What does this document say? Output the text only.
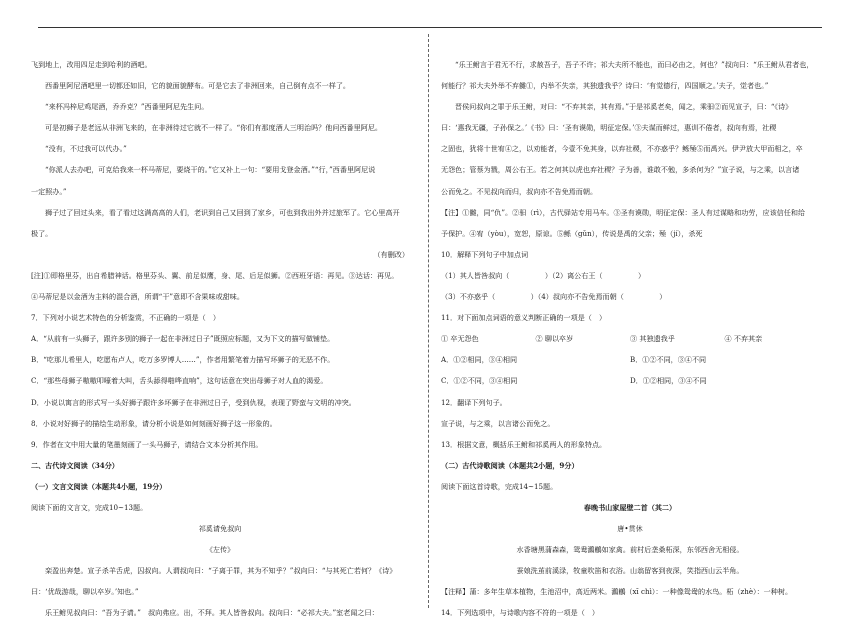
飞到地上，改用四足走到哈利的酒吧。
西番里阿尼酒吧里一切都还如旧，它的貌面貌酵布。可是它去了非洲回来，自己倒有点不一样了。
“来杯冯梓尼鸡尾酒，乔乔克？”西番里阿尼先生问。
可是初狮子是老远从非洲飞来的，在非洲待过它就不一样了。“你们有那度酒人三明治吗？他问西番里阿尼。
“没有，不过我可以代办。”
“你派人去办吧，可克给我来一杯马蒂尼，要烧干的。”它又补上一句：“要用戈登金酒。”“行，”西番里阿尼说
一定照办。”
狮子过了回过头来，看了看过这满高高的人们，老识到自己又回到了家乡，可也到我出外并过旅军了。它心里高开
极了。
（有删改）
[注]①即格里芬，出自希腊神话。格里芬头、翼、前足似鹰，身、尾、后足似狮。②西班牙语：再见。③达话：再见。
④马蒂尼是以金酒为主料的混合酒，所谓“干”意即不含果味或甜味。
7．下列对小说艺术特色的分析鉴赏，不正确的一项是（　）
A．“从前有一头狮子，跟许多别的狮子一起在非洲过日子”既照应标题，又为下文的描写做铺垫。
B．“吃那儿希里人，吃愿布卢人，吃万多罗博人……”，作者用繁笔着力描写坏狮子的无恶不作。
C．“那些母狮子嗷嗷叩嚎着大叫，舌头舔得啪哗直响”，这句话意在突出母狮子对人血的渴爱。
D．小说以寓言的形式写一头好狮子跟许多坏狮子在非洲过日子，受到仇视，表现了野蛮与文明的冲突。
8．小说对好狮子的描绘生动形象，请分析小说是如何刻画好狮子这一形象的。
9．作者在文中用大量的笔墨刻画了一头马狮子，请结合文本分析其作用。
二、古代诗文阅读（34分）
（一）文言文阅读（本题共4小题，19分）
阅读下面的文言文，完成10~13题。
祁奚请免叔向
《左传》
栾盈出奔楚。宣子杀羊舌虎，囚叔向。人谓叔向曰：“子离于罪，其为不知乎？”叔向曰：“与其死亡若何？《诗》
曰：‘优哉游哉，聊以卒岁。’知也。”
乐王鲋见叔向曰：“吾为子请。”　叔向弗应。出，不拜。其人皆咎叔向。叔向曰：“必祁大夫。”室老闻之曰：
“乐王鲋言于君无不行，求赦吾子，吾子不许；祁大夫所不能也，而曰必由之，何也？”叔向曰：“乐王鲋从君者也，
何能行？祁大夫外举不弃雠①，内举不失亲，其独遗我乎？诗曰：‘有觉德行，四国顺之。’夫子，觉者也。”
晋侯问叔向之罪于乐王鲋，对曰：“不弃其亲，其有焉。”于是祁奚老矣，闻之，乘驲②而见宣子，曰：“《诗》
曰：‘惠我无疆，子孙保之。’《书》曰：‘圣有谟勋，明征定保。’③夫谋而鲜过，惠训不倦者，叔向有焉，社稷
之固也，犹将十世宥④之，以劝能者，今壹不免其身，以弃社稷，不亦惑乎？鲧殛⑤而禹兴。伊尹放大甲而相之，卒
无怨色；管蔡为戮，周公右王。若之何其以虎也弃社稷？子为善，谁敢不勉，多杀何为？”宣子说，与之乘，以言诸
公而免之。不见叔向而归，叔向亦不告免焉而朝。
【注】①雠，同“仇”。②驲（rì），古代驿站专用马车。③圣有谟勋，明征定保：圣人有过谋略和功劳，应该信任和给
予保护。④宥（yòu），宽恕，原谅。⑤鲧（gǔn），传说是禹的父亲；殛（jí），杀死
10．解释下列句子中加点词
（1）其人皆咎叔向（　　　　　）（2）离公右王（　　　　　）
（3）不亦惑乎（　　　　　）（4）叔向亦不告免焉而朝（　　　　　）
11．对下面加点词语的意义判断正确的一项是（　）
① 卒无怨色	② 聊以卒岁	③ 其独遗我乎	④ 不弃其亲
A．①②相同，③④相同	B．①②不同，③④不同
C．①②不同，③④相同	D．①②相同，③④不同
12．翻译下列句子。
宣子说，与之乘，以言诸公而免之。
13．根据文意，概括乐王鲋和祁奚两人的形象特点。
（二）古代诗歌阅读（本题共2小题，9分）
阅读下面这首诗歌，完成14~15题。
春晚书山家屋壁二首（其二）
唐•贯休
水香塘黑蒲森森，鸳鸯鸂鶒如家禽。前村后垄桑柘深，东邻西舍无相侵。
蚕娘洗茧前溪渌，牧童吹笛和衣浴。山翁留客到夜深，笑指西山云半角。
【注释】蒲：多年生草本植物，生池沼中，高近两米。鸂鶒（xī chì）：一种像鸳鸯的水鸟。柘（zhè）：一种树。
14．下列选项中，与诗歌内容不符的一项是（　）
